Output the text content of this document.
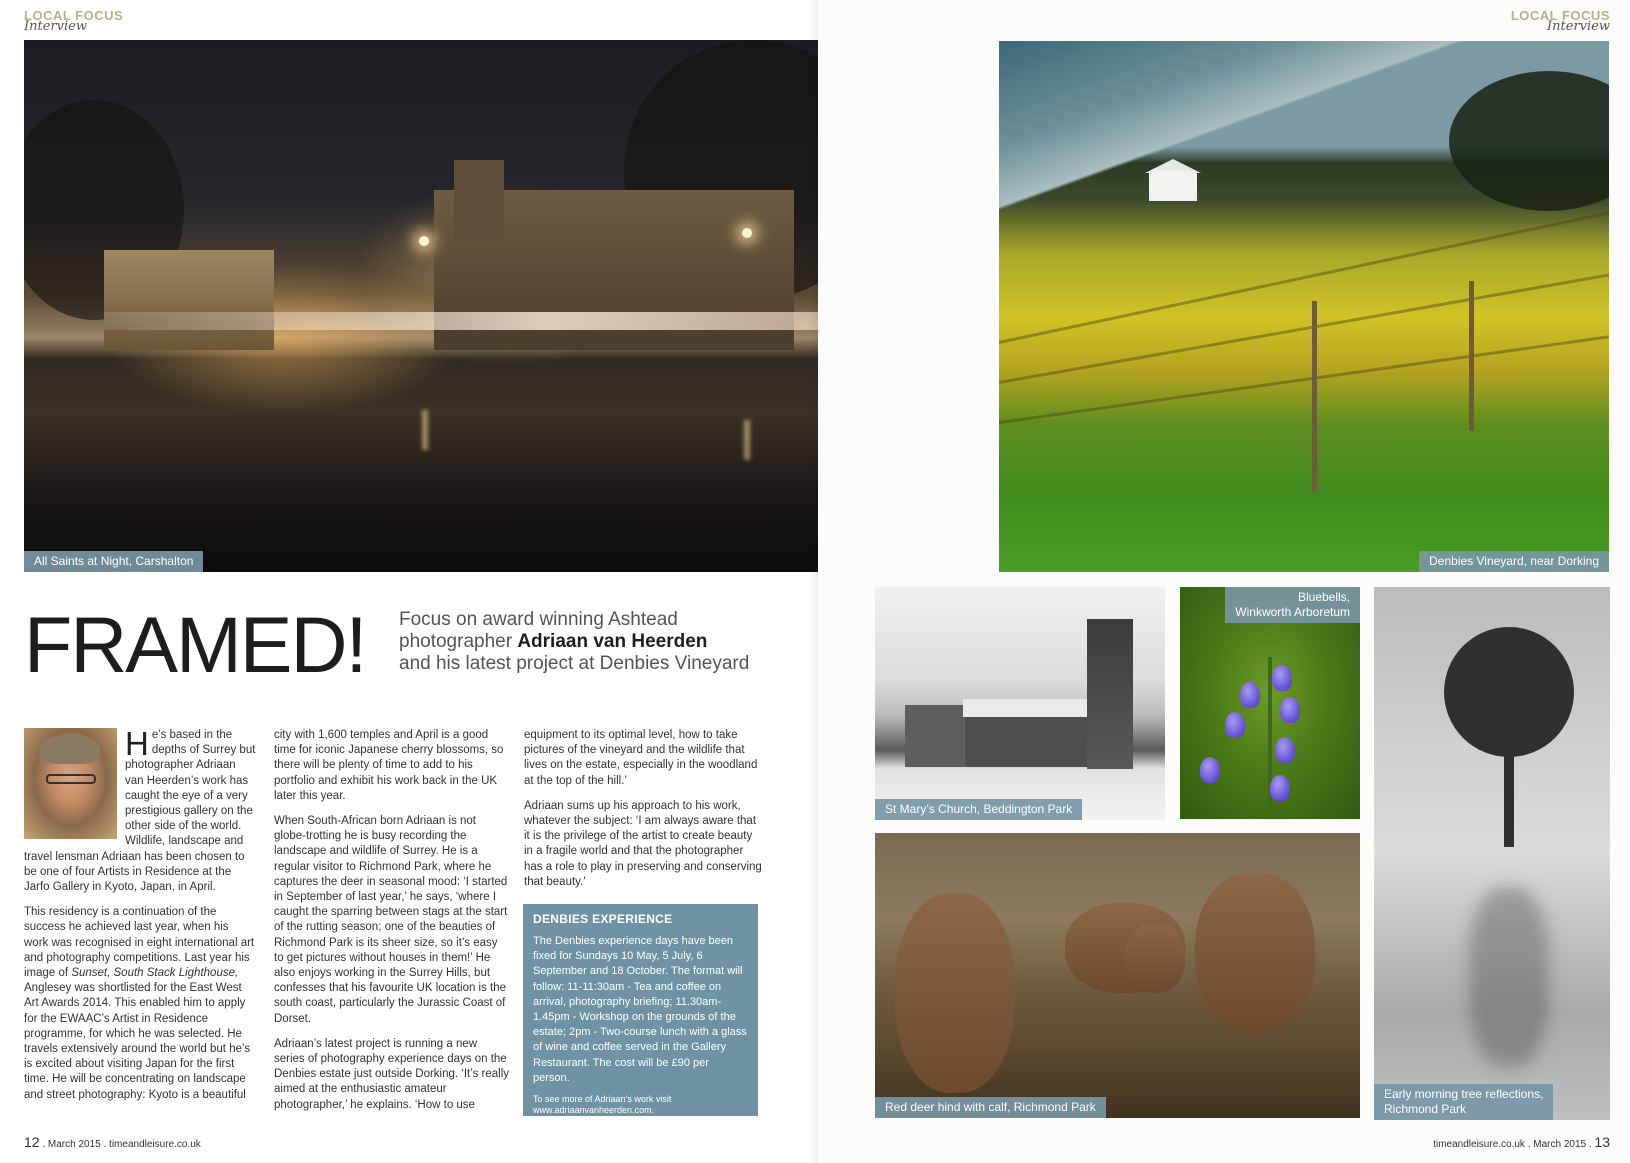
LOCAL FOCUS
Interview
All Saints at Night, Carshalton
FRAMED! Focus on award winning Ashtead
photographer Adriaan van Heerden
and his latest project at Denbies Vineyard

He’s based in the depths of Surrey but photographer Adriaan van Heerden’s work has caught the eye of a very prestigious gallery on the other side of the world. Wildlife, landscape and travel lensman Adriaan has been chosen to be one of four Artists in Residence at the Jarfo Gallery in Kyoto, Japan, in April.

This residency is a continuation of the success he achieved last year, when his work was recognised in eight international art and photography competitions. Last year his image of Sunset, South Stack Lighthouse, Anglesey was shortlisted for the East West Art Awards 2014. This enabled him to apply for the EWAAC’s Artist in Residence programme, for which he was selected. He travels extensively around the world but he’s is excited about visiting Japan for the first time. He will be concentrating on landscape and street photography: Kyoto is a beautiful

city with 1,600 temples and April is a good time for iconic Japanese cherry blossoms, so there will be plenty of time to add to his portfolio and exhibit his work back in the UK later this year.

When South-African born Adriaan is not globe-trotting he is busy recording the landscape and wildlife of Surrey. He is a regular visitor to Richmond Park, where he captures the deer in seasonal mood: ‘I started in September of last year,’ he says, ‘where I caught the sparring between stags at the start of the rutting season; one of the beauties of Richmond Park is its sheer size, so it’s easy to get pictures without houses in them!’ He also enjoys working in the Surrey Hills, but confesses that his favourite UK location is the south coast, particularly the Jurassic Coast of Dorset.

Adriaan’s latest project is running a new series of photography experience days on the Denbies estate just outside Dorking. ‘It’s really aimed at the enthusiastic amateur photographer,’ he explains. ‘How to use

equipment to its optimal level, how to take pictures of the vineyard and the wildlife that lives on the estate, especially in the woodland at the top of the hill.’

Adriaan sums up his approach to his work, whatever the subject: ‘I am always aware that it is the privilege of the artist to create beauty in a fragile world and that the photographer has a role to play in preserving and conserving that beauty.’

DENBIES EXPERIENCE
The Denbies experience days have been fixed for Sundays 10 May, 5 July, 6 September and 18 October. The format will follow: 11-11:30am - Tea and coffee on arrival, photography briefing; 11.30am- 1.45pm - Workshop on the grounds of the estate; 2pm - Two-course lunch with a glass of wine and coffee served in the Gallery Restaurant. The cost will be £90 per person.
To see more of Adriaan’s work visit
www.adriaanvanheerden.com.
12 . March 2015 . timeandleisure.co.uk
LOCAL FOCUS
Interview
Denbies Vineyard, near Dorking
St Mary’s Church, Beddington Park
Bluebells,
Winkworth Arboretum
Early morning tree reflections,
Richmond Park
Red deer hind with calf, Richmond Park
timeandleisure.co.uk . March 2015 . 13
